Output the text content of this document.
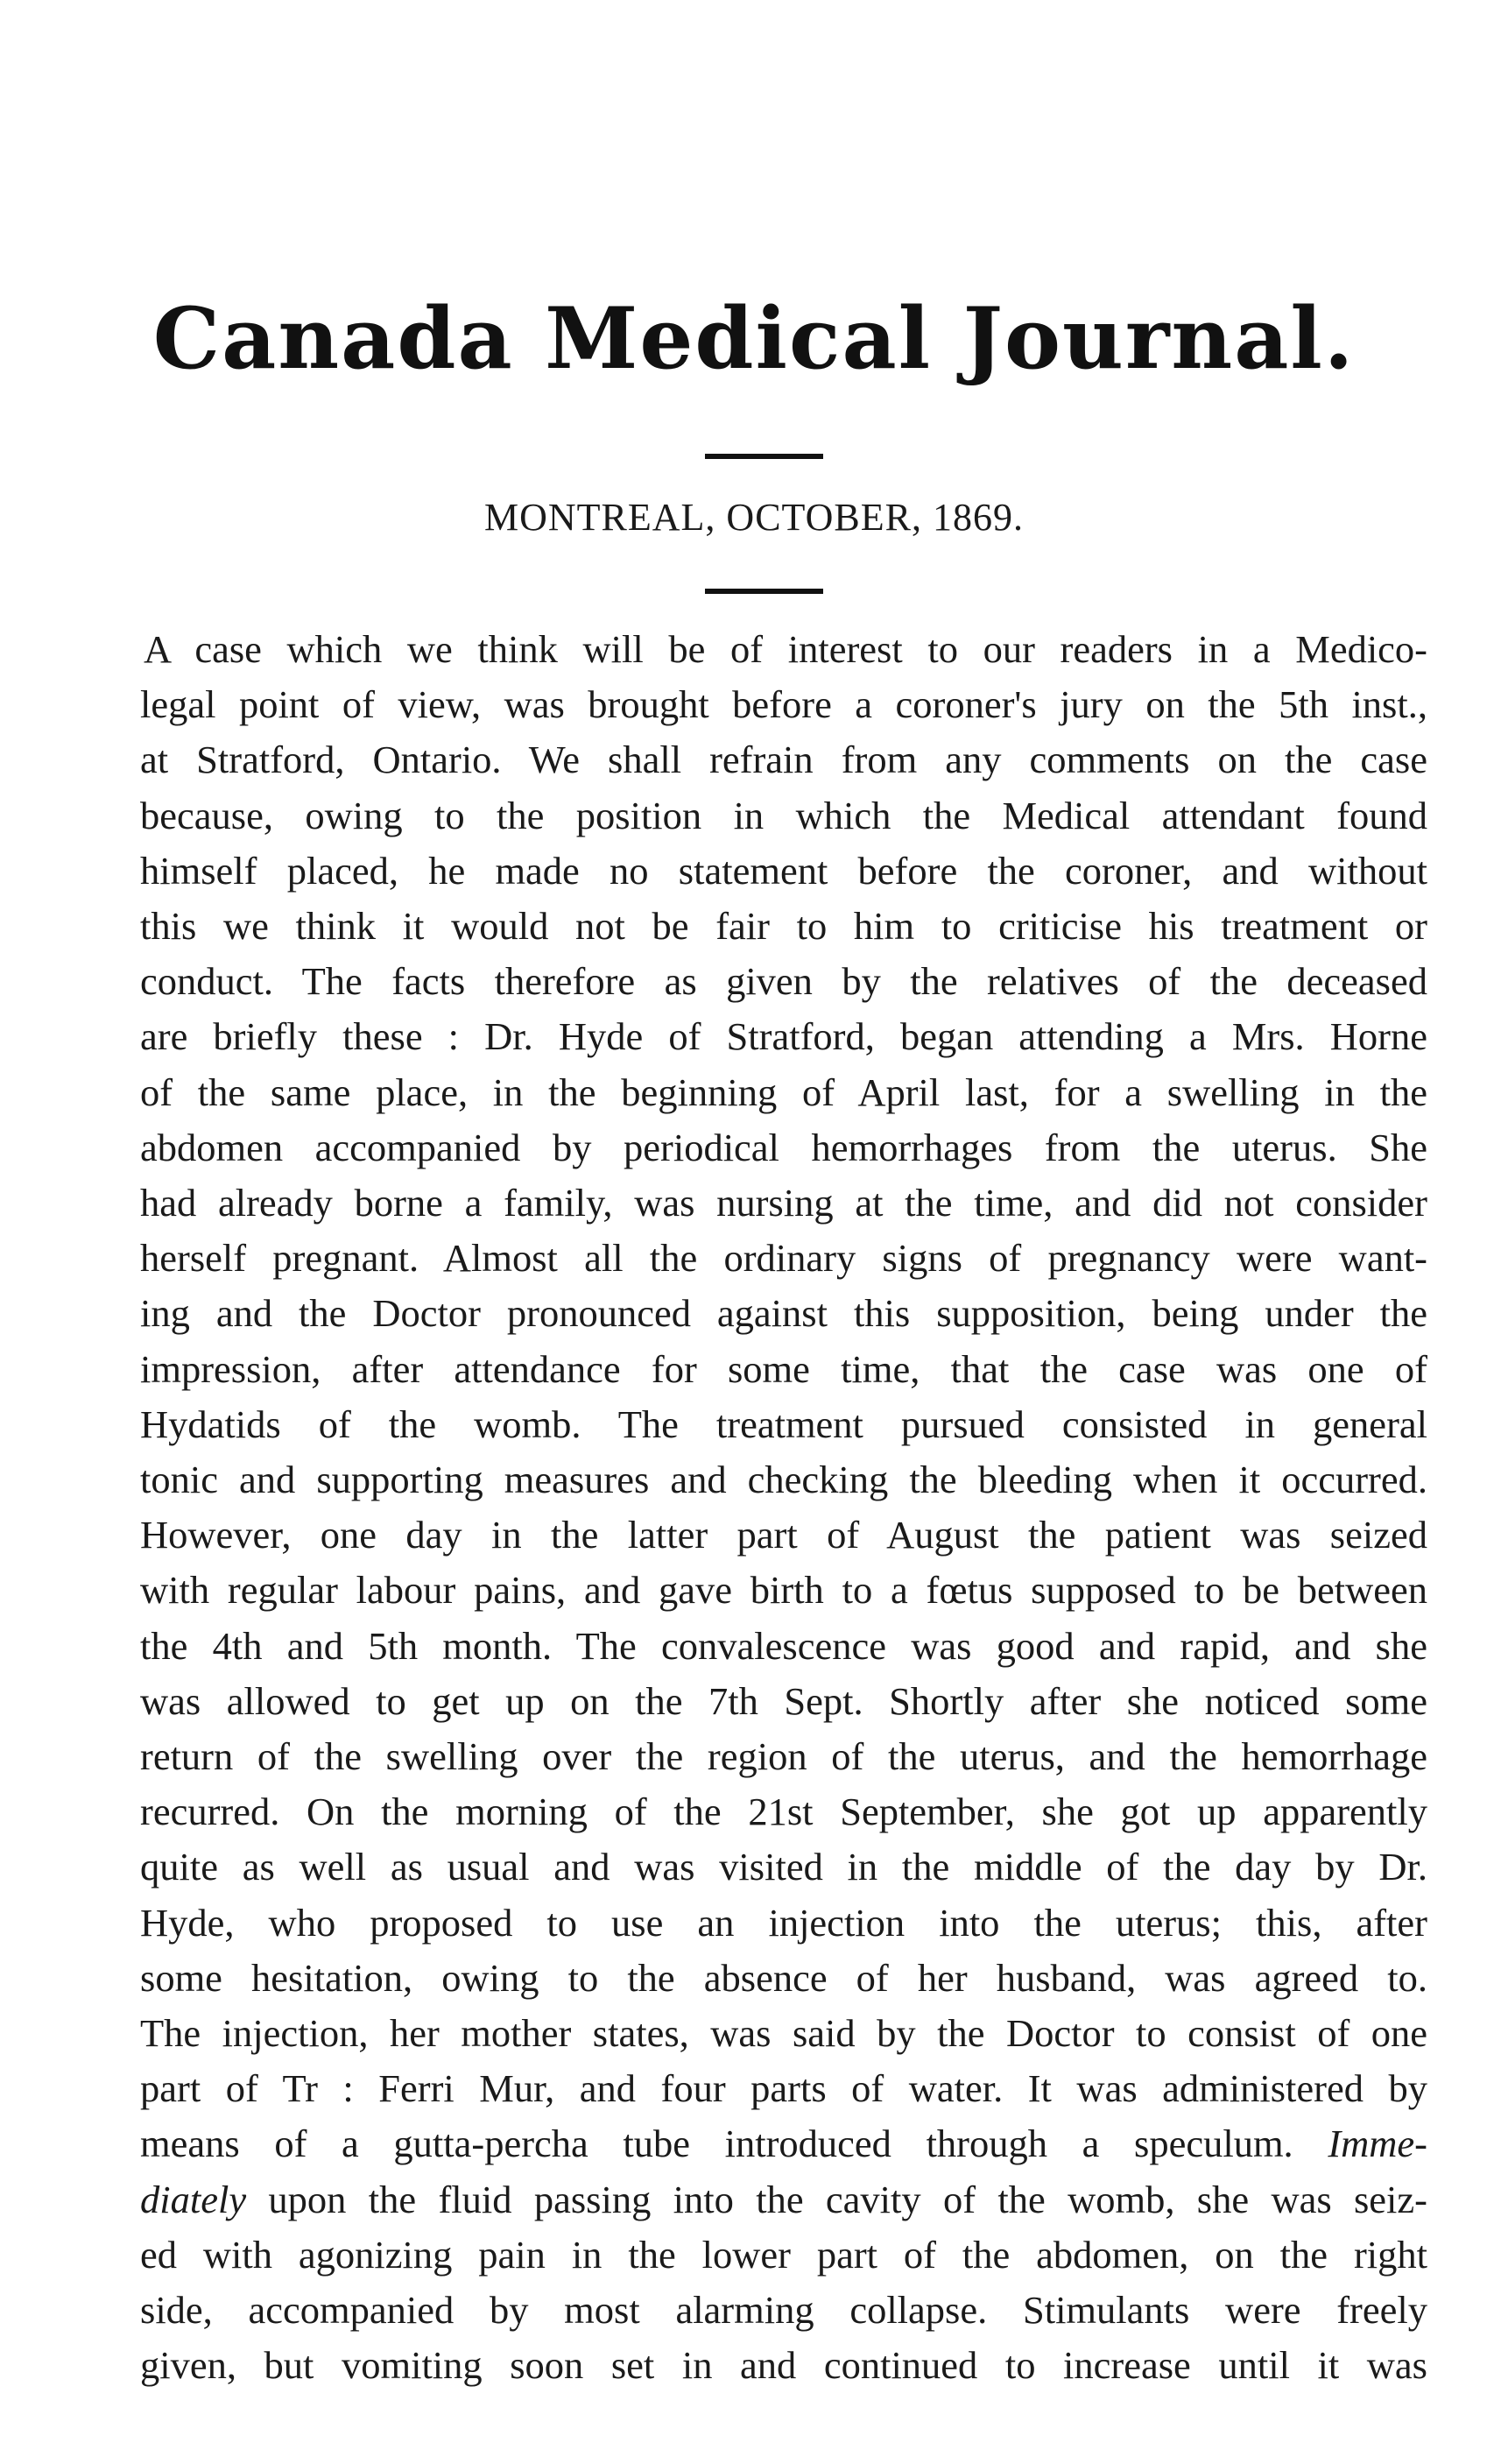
Canada Medical Journal.
MONTREAL, OCTOBER, 1869.
A case which we think will be of interest to our readers in a Medico-
legal point of view, was brought before a coroner's jury on the 5th inst.,
at Stratford, Ontario. We shall refrain from any comments on the case
because, owing to the position in which the Medical attendant found
himself placed, he made no statement before the coroner, and without
this we think it would not be fair to him to criticise his treatment or
conduct. The facts therefore as given by the relatives of the deceased
are briefly these : Dr. Hyde of Stratford, began attending a Mrs. Horne
of the same place, in the beginning of April last, for a swelling in the
abdomen accompanied by periodical hemorrhages from the uterus. She
had already borne a family, was nursing at the time, and did not consider
herself pregnant. Almost all the ordinary signs of pregnancy were want-
ing and the Doctor pronounced against this supposition, being under the
impression, after attendance for some time, that the case was one of
Hydatids of the womb. The treatment pursued consisted in general
tonic and supporting measures and checking the bleeding when it occurred.
However, one day in the latter part of August the patient was seized
with regular labour pains, and gave birth to a fœtus supposed to be between
the 4th and 5th month. The convalescence was good and rapid, and she
was allowed to get up on the 7th Sept. Shortly after she noticed some
return of the swelling over the region of the uterus, and the hemorrhage
recurred. On the morning of the 21st September, she got up apparently
quite as well as usual and was visited in the middle of the day by Dr.
Hyde, who proposed to use an injection into the uterus; this, after
some hesitation, owing to the absence of her husband, was agreed to.
The injection, her mother states, was said by the Doctor to consist of one
part of Tr : Ferri Mur, and four parts of water. It was administered by
means of a gutta-percha tube introduced through a speculum. Imme-
diately upon the fluid passing into the cavity of the womb, she was seiz-
ed with agonizing pain in the lower part of the abdomen, on the right
side, accompanied by most alarming collapse. Stimulants were freely
given, but vomiting soon set in and continued to increase until it was
